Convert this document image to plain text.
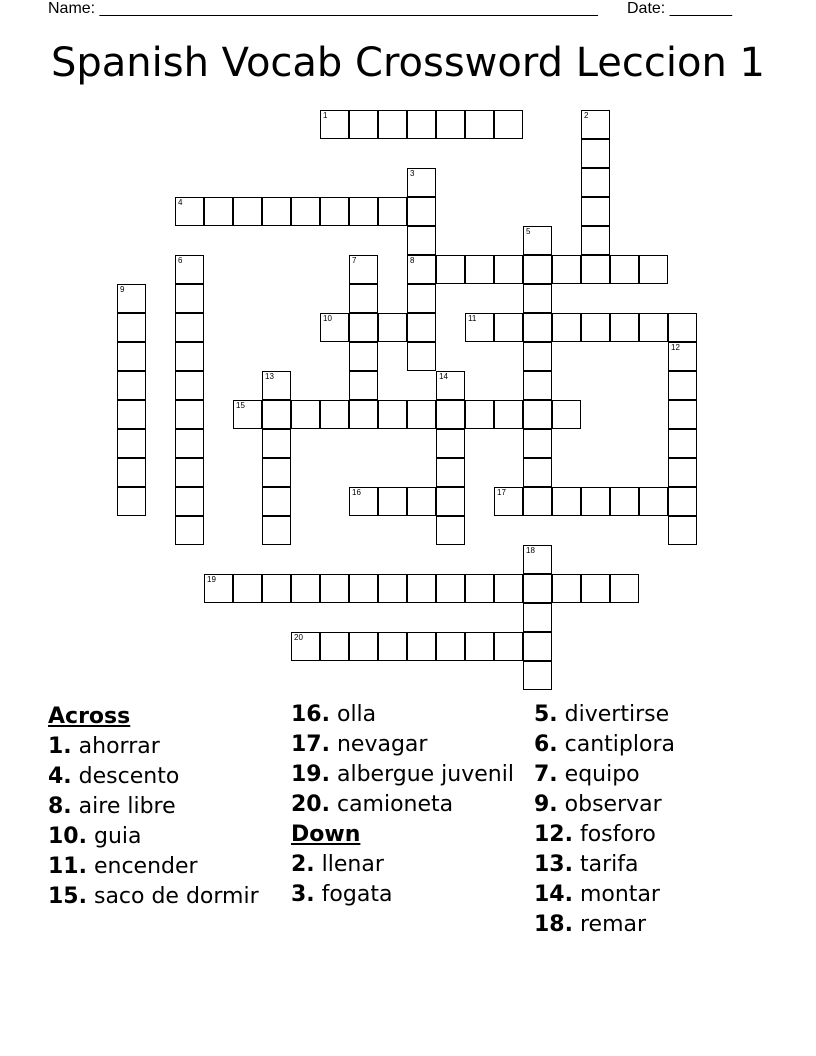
Name: ________________________________________________________ Date: _______
Spanish Vocab Crossword Leccion 1
1	2
3
8
4
5
6	7
9
10	11
12
13	14
15
16	17
18
19
20
Across
1. ahorrar
4. descento
8. aire libre
10. guia
11. encender
15. saco de dormir
16. olla
17. nevagar
19. albergue juvenil
20. camioneta
Down
2. llenar
3. fogata
5. divertirse
6. cantiplora
7. equipo
9. observar
12. fosforo
13. tarifa
14. montar
18. remar
